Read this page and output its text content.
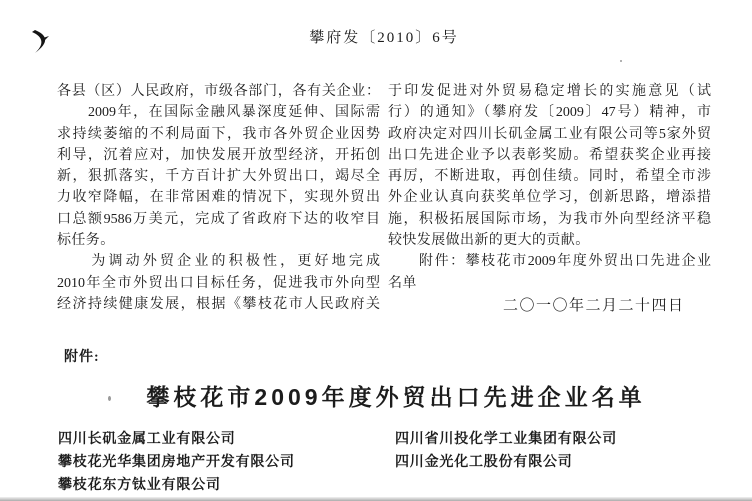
攀府发〔2010〕6号
各县（区）人民政府，市级各部门，各有关企业：
　　2009年，在国际金融风暴深度延伸、国际需
求持续萎缩的不利局面下，我市各外贸企业因势
利导，沉着应对，加快发展开放型经济，开拓创
新，狠抓落实，千方百计扩大外贸出口，竭尽全
力收窄降幅，在非常困难的情况下，实现外贸出
口总额9586万美元，完成了省政府下达的收窄目
标任务。
　　为调动外贸企业的积极性，更好地完成
2010年全市外贸出口目标任务，促进我市外向型
经济持续健康发展，根据《攀枝花市人民政府关
于印发促进对外贸易稳定增长的实施意见（试
行）的通知》（攀府发〔2009〕47号）精神，市
政府决定对四川长矶金属工业有限公司等5家外贸
出口先进企业予以表彰奖励。希望获奖企业再接
再厉，不断进取，再创佳绩。同时，希望全市涉
外企业认真向获奖单位学习，创新思路，增添措
施，积极拓展国际市场，为我市外向型经济平稳
较快发展做出新的更大的贡献。
　　附件：攀枝花市2009年度外贸出口先进企业
名单
二〇一〇年二月二十四日
附件:
攀枝花市2009年度外贸出口先进企业名单
四川长矶金属工业有限公司
攀枝花光华集团房地产开发有限公司
攀枝花东方钛业有限公司
四川省川投化学工业集团有限公司
四川金光化工股份有限公司
